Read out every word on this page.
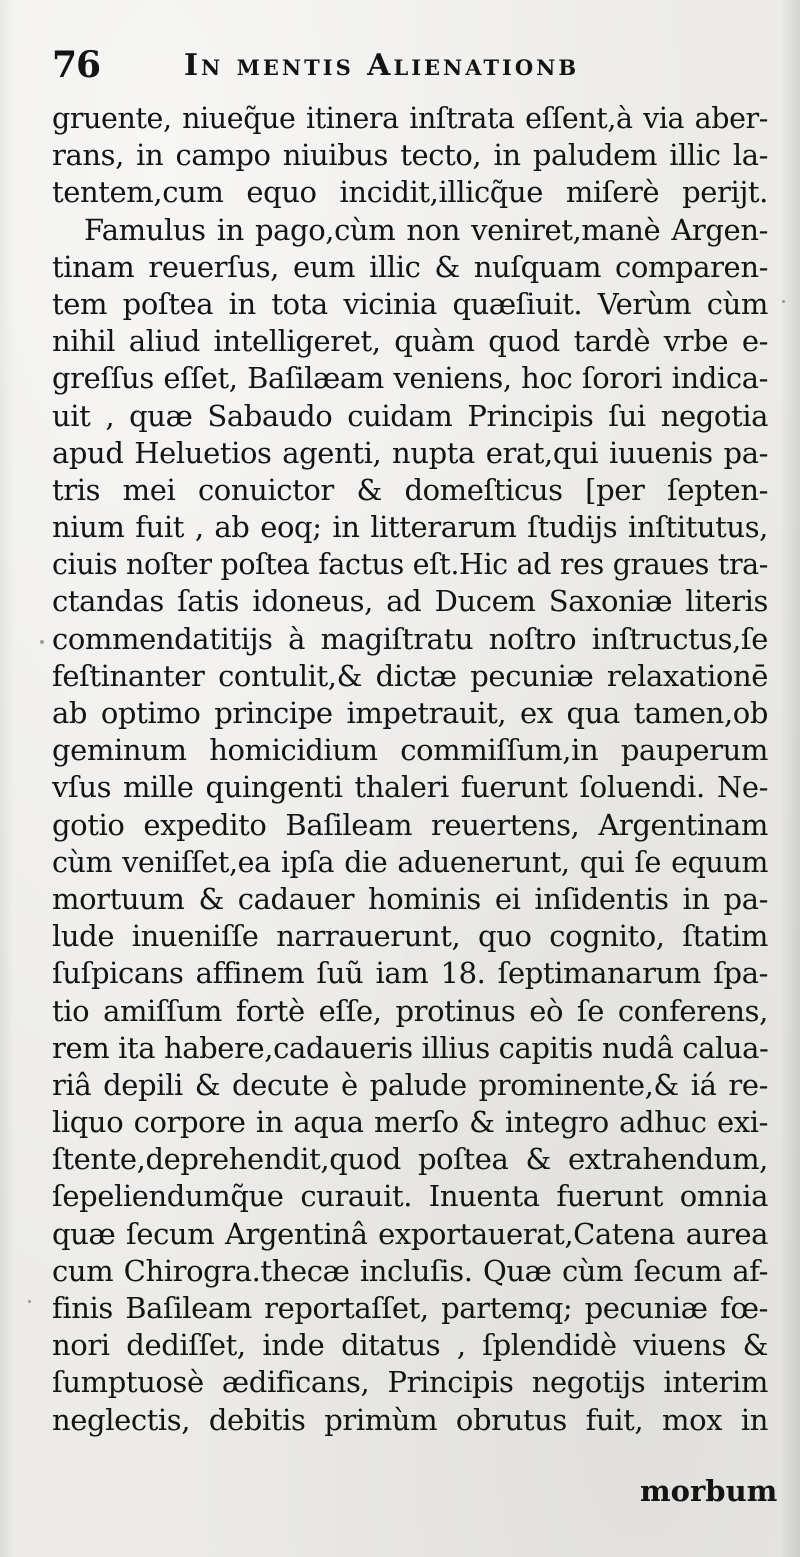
76	In mentis Alienationb
gruente, niueq̃ue itinera inſtrata eſſent,à via aber-
rans, in campo niuibus tecto, in paludem illic la-
tentem,cum equo incidit,illicq̃ue miſerè perijt.
Famulus in pago,cùm non veniret,manè Argen-
tinam reuerſus, eum illic & nuſquam comparen-
tem poſtea in tota vicinia quæſiuit. Verùm cùm
nihil aliud intelligeret, quàm quod tardè vrbe e-
greſſus eſſet, Baſilæam veniens, hoc ſorori indica-
uit , quæ Sabaudo cuidam Principis ſui negotia
apud Heluetios agenti, nupta erat,qui iuuenis pa-
tris mei conuictor & domeſticus [per ſepten-
nium fuit , ab eoq; in litterarum ſtudijs inſtitutus,
ciuis noſter poſtea factus eſt.Hic ad res graues tra-
ctandas ſatis idoneus, ad Ducem Saxoniæ literis
commendatitijs à magiſtratu noſtro inſtructus,ſe
feſtinanter contulit,& dictæ pecuniæ relaxationē
ab optimo principe impetrauit, ex qua tamen,ob
geminum homicidium commiſſum,in pauperum
vſus mille quingenti thaleri fuerunt ſoluendi. Ne-
gotio expedito Baſileam reuertens, Argentinam
cùm veniſſet,ea ipſa die aduenerunt, qui ſe equum
mortuum & cadauer hominis ei inſidentis in pa-
lude inueniſſe narrauerunt, quo cognito, ſtatim
ſuſpicans affinem ſuũ iam 18. ſeptimanarum ſpa-
tio amiſſum fortè eſſe, protinus eò ſe conferens,
rem ita habere,cadaueris illius capitis nudâ calua-
riâ depili & decute è palude prominente,& iá re-
liquo corpore in aqua merſo & integro adhuc exi-
ſtente,deprehendit,quod poſtea & extrahendum,
ſepeliendumq̃ue curauit. Inuenta fuerunt omnia
quæ ſecum Argentinâ exportauerat,Catena aurea
cum Chirogra.thecæ incluſis. Quæ cùm ſecum af-
finis Baſileam reportaſſet, partemq; pecuniæ fœ-
nori dediſſet, inde ditatus , ſplendidè viuens &
ſumptuosè ædificans, Principis negotijs interim
neglectis, debitis primùm obrutus fuit, mox in
morbum
